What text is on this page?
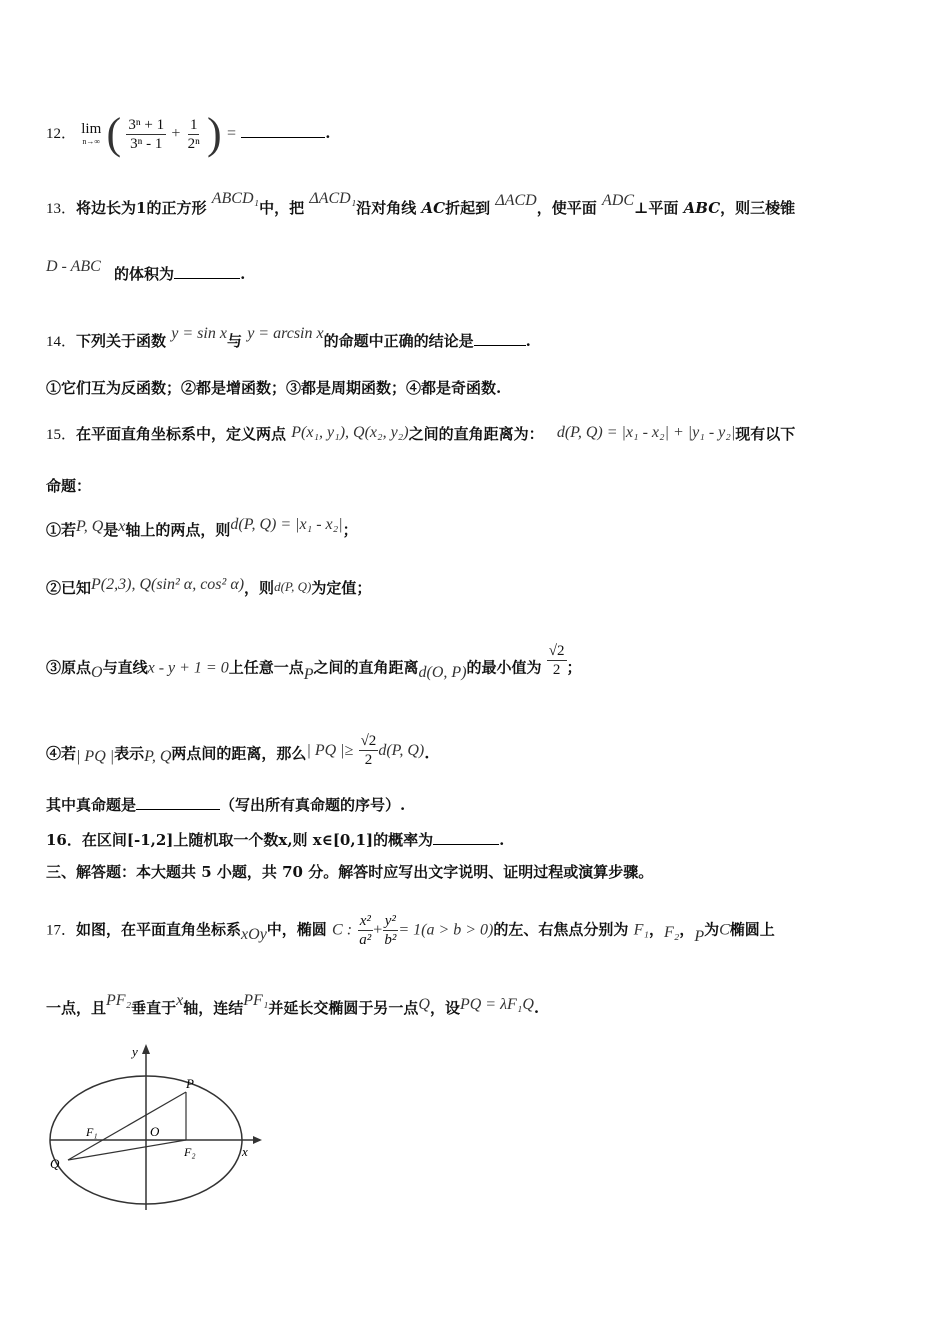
12． lim
n→∞ ( $\frac{\text{3ⁿ + 1}}{\text{3ⁿ - 1}} + \frac{1}{\text{2ⁿ}}$ ) =	.
13．将边长为1的正方形 ABCD₁中，把 ΔACD₁沿对角线 AC折起到 ΔACD，使平面 ADC⊥平面 ABC，则三棱锥
D - ABC 的体积为	.
14．下列关于函数 y = sin x与 y = arcsin x的命题中正确的结论是	.
①它们互为反函数；②都是增函数；③都是周期函数；④都是奇函数.
15．在平面直角坐标系中，定义两点 P(x₁, y₁), Q(x₂, y₂)之间的直角距离为： d(P, Q) = |x₁ - x₂| + |y₁ - y₂|现有以下
命题：
①若P, Q是x轴上的两点，则d(P, Q) = |x₁ - x₂|；
②已知P(2,3), Q(sin² α, cos² α)，则d(P, Q)为定值；
③原点O与直线x - y + 1 = 0上任意一点P之间的直角距离d(O, P)的最小值为 $\frac{√2}{2}$ ；
④若| PQ |表示P, Q两点间的距离，那么| PQ |≥ $\frac{√2}{2} d(P$, Q).
其中真命题是	（写出所有真命题的序号）.
16．在区间[-1,2]上随机取一个数x,则 x∈[0,1]的概率为	.
三、解答题：本大题共 5 小题，共 70 分。解答时应写出文字说明、证明过程或演算步骤。
17．如图，在平面直角坐标系xOy中，椭圆 C : $\frac{\text{x²}}{\text{a²}} + \frac{\text{y²}}{\text{b²}} = 1(a > b > 0)$的左、右焦点分别为 F₁，F₂，P为C椭圆上
一点，且PF₂垂直于x轴，连结PF₁并延长交椭圆于另一点Q，设PQ = λF₁Q.
y
x
O
P
Q
F₁
F₂
